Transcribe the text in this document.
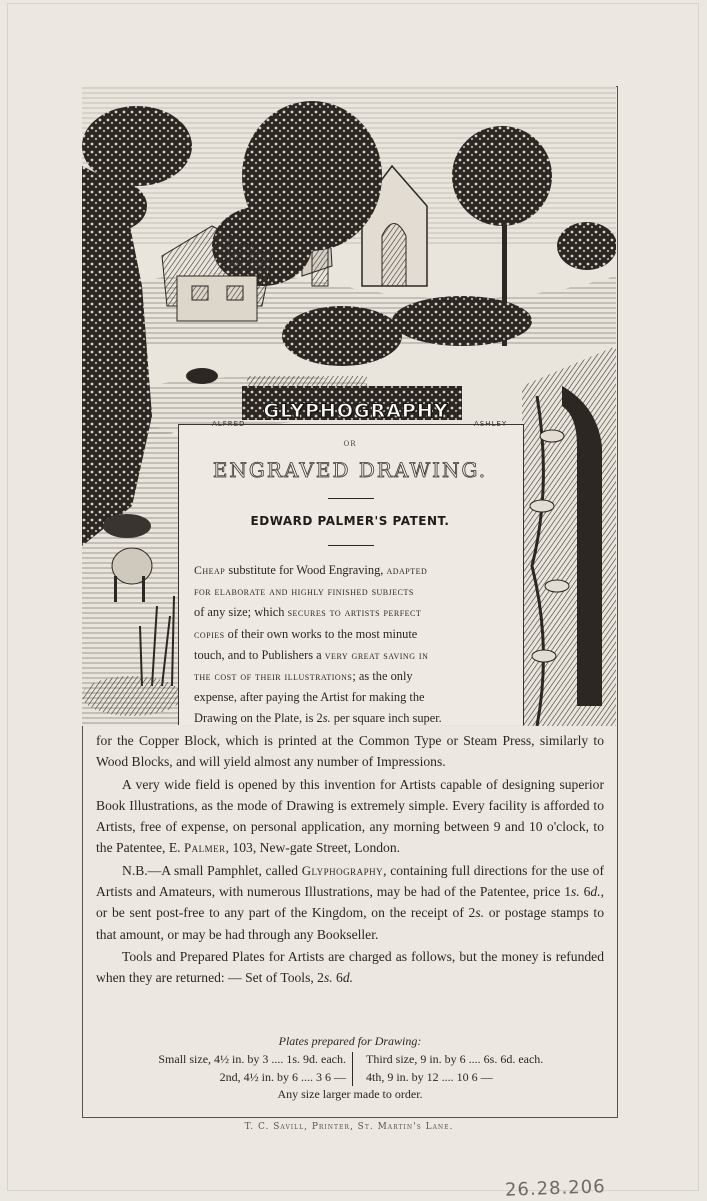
GLYPHOGRAPHY
ALFRED	ASHLEY
OR
ENGRAVED DRAWING.
EDWARD PALMER'S PATENT.
Cheap substitute for Wood Engraving, adapted
for elaborate and highly finished subjects
of any size; which secures to artists perfect
copies of their own works to the most minute
touch, and to Publishers a very great saving in
the cost of their illustrations; as the only
expense, after paying the Artist for making the
Drawing on the Plate, is 2s. per square inch super.

for the Copper Block, which is printed at the Common Type or Steam Press, similarly to Wood Blocks, and will yield almost any number of Impressions.

A very wide field is opened by this invention for Artists capable of designing superior Book Illustrations, as the mode of Drawing is extremely simple. Every facility is afforded to Artists, free of expense, on personal application, any morning between 9 and 10 o'clock, to the Patentee, E. Palmer, 103, New-gate Street, London.

N.B.—A small Pamphlet, called Glyphography, containing full directions for the use of Artists and Amateurs, with numerous Illustrations, may be had of the Patentee, price 1s. 6d., or be sent post-free to any part of the Kingdom, on the receipt of 2s. or postage stamps to that amount, or may be had through any Bookseller.

Tools and Prepared Plates for Artists are charged as follows, but the money is refunded when they are returned: — Set of Tools, 2s. 6d.

Plates prepared for Drawing:
Small size, 4½ in. by 3 .... 1s. 9d. each.
2nd, 4½ in. by 6 .... 3 6 —
Third size, 9 in. by 6 .... 6s. 6d. each.
4th, 9 in. by 12 .... 10 6 —
Any size larger made to order.
T. C. Savill, Printer, St. Martin's Lane.
26.28.206
